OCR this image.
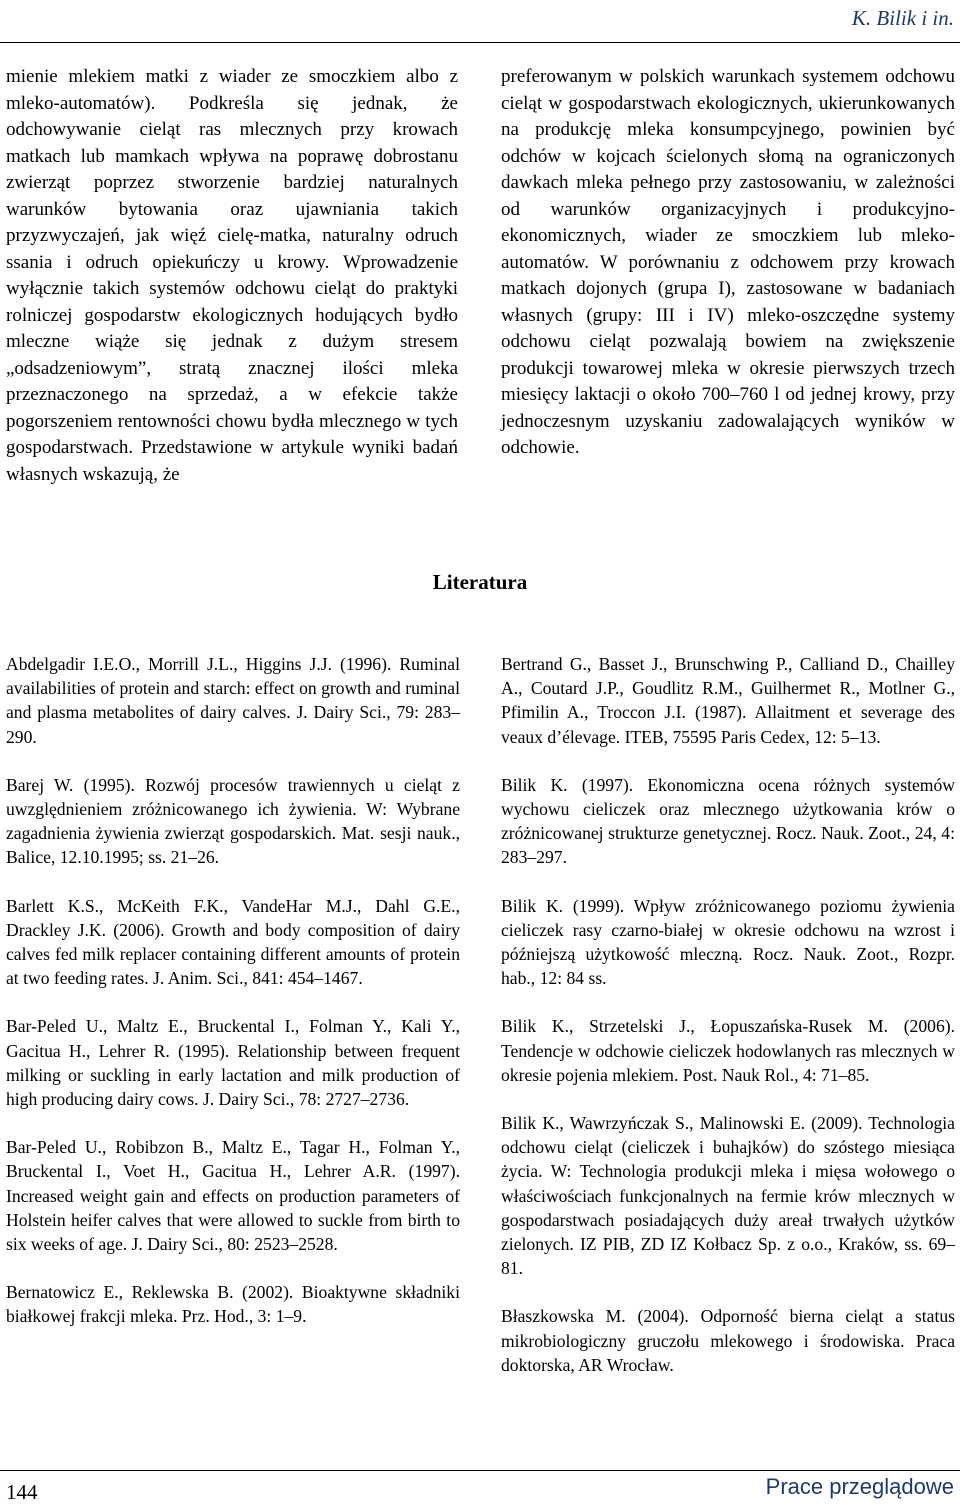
K. Bilik i in.

mienie mlekiem matki z wiader ze smoczkiem albo z mleko-automatów). Podkreśla się jednak, że odchowywanie cieląt ras mlecznych przy krowach matkach lub mamkach wpływa na poprawę dobrostanu zwierząt poprzez stworzenie bardziej naturalnych warunków bytowania oraz ujawniania takich przyzwyczajeń, jak więź cielę-matka, naturalny odruch ssania i odruch opiekuńczy u krowy. Wprowadzenie wyłącznie takich systemów odchowu cieląt do praktyki rolniczej gospodarstw ekologicznych hodujących bydło mleczne wiąże się jednak z dużym stresem „odsadzeniowym”, stratą znacznej ilości mleka przeznaczonego na sprzedaż, a w efekcie także pogorszeniem rentowności chowu bydła mlecznego w tych gospodarstwach. Przedstawione w artykule wyniki badań własnych wskazują, że

preferowanym w polskich warunkach systemem odchowu cieląt w gospodarstwach ekologicznych, ukierunkowanych na produkcję mleka konsumpcyjnego, powinien być odchów w kojcach ścielonych słomą na ograniczonych dawkach mleka pełnego przy zastosowaniu, w zależności od warunków organizacyjnych i produkcyjno-ekonomicznych, wiader ze smoczkiem lub mleko-automatów. W porównaniu z odchowem przy krowach matkach dojonych (grupa I), zastosowane w badaniach własnych (grupy: III i IV) mleko-oszczędne systemy odchowu cieląt pozwalają bowiem na zwiększenie produkcji towarowej mleka w okresie pierwszych trzech miesięcy laktacji o około 700–760 l od jednej krowy, przy jednoczesnym uzyskaniu zadowalających wyników w odchowie.

Literatura

Abdelgadir I.E.O., Morrill J.L., Higgins J.J. (1996). Ruminal availabilities of protein and starch: effect on growth and ruminal and plasma metabolites of dairy calves. J. Dairy Sci., 79: 283–290.

Barej W. (1995). Rozwój procesów trawiennych u cieląt z uwzględnieniem zróżnicowanego ich żywienia. W: Wybrane zagadnienia żywienia zwierząt gospodarskich. Mat. sesji nauk., Balice, 12.10.1995; ss. 21–26.

Barlett K.S., McKeith F.K., VandeHar M.J., Dahl G.E., Drackley J.K. (2006). Growth and body composition of dairy calves fed milk replacer containing different amounts of protein at two feeding rates. J. Anim. Sci., 841: 454–1467.

Bar-Peled U., Maltz E., Bruckental I., Folman Y., Kali Y., Gacitua H., Lehrer R. (1995). Relationship between frequent milking or suckling in early lactation and milk production of high producing dairy cows. J. Dairy Sci., 78: 2727–2736.

Bar-Peled U., Robibzon B., Maltz E., Tagar H., Folman Y., Bruckental I., Voet H., Gacitua H., Lehrer A.R. (1997). Increased weight gain and effects on production parameters of Holstein heifer calves that were allowed to suckle from birth to six weeks of age. J. Dairy Sci., 80: 2523–2528.

Bernatowicz E., Reklewska B. (2002). Bioaktywne składniki białkowej frakcji mleka. Prz. Hod., 3: 1–9.

Bertrand G., Basset J., Brunschwing P., Calliand D., Chailley A., Coutard J.P., Goudlitz R.M., Guilhermet R., Motlner G., Pfimilin A., Troccon J.I. (1987). Allaitment et severage des veaux d’élevage. ITEB, 75595 Paris Cedex, 12: 5–13.

Bilik K. (1997). Ekonomiczna ocena różnych systemów wychowu cieliczek oraz mlecznego użytkowania krów o zróżnicowanej strukturze genetycznej. Rocz. Nauk. Zoot., 24, 4: 283–297.

Bilik K. (1999). Wpływ zróżnicowanego poziomu żywienia cieliczek rasy czarno-białej w okresie odchowu na wzrost i późniejszą użytkowość mleczną. Rocz. Nauk. Zoot., Rozpr. hab., 12: 84 ss.

Bilik K., Strzetelski J., Łopuszańska-Rusek M. (2006). Tendencje w odchowie cieliczek hodowlanych ras mlecznych w okresie pojenia mlekiem. Post. Nauk Rol., 4: 71–85.

Bilik K., Wawrzyńczak S., Malinowski E. (2009). Technologia odchowu cieląt (cieliczek i buhajków) do szóstego miesiąca życia. W: Technologia produkcji mleka i mięsa wołowego o właściwościach funkcjonalnych na fermie krów mlecznych w gospodarstwach posiadających duży areał trwałych użytków zielonych. IZ PIB, ZD IZ Kołbacz Sp. z o.o., Kraków, ss. 69–81.

Błaszkowska M. (2004). Odporność bierna cieląt a status mikrobiologiczny gruczołu mlekowego i środowiska. Praca doktorska, AR Wrocław.

144	Prace przeglądowe
